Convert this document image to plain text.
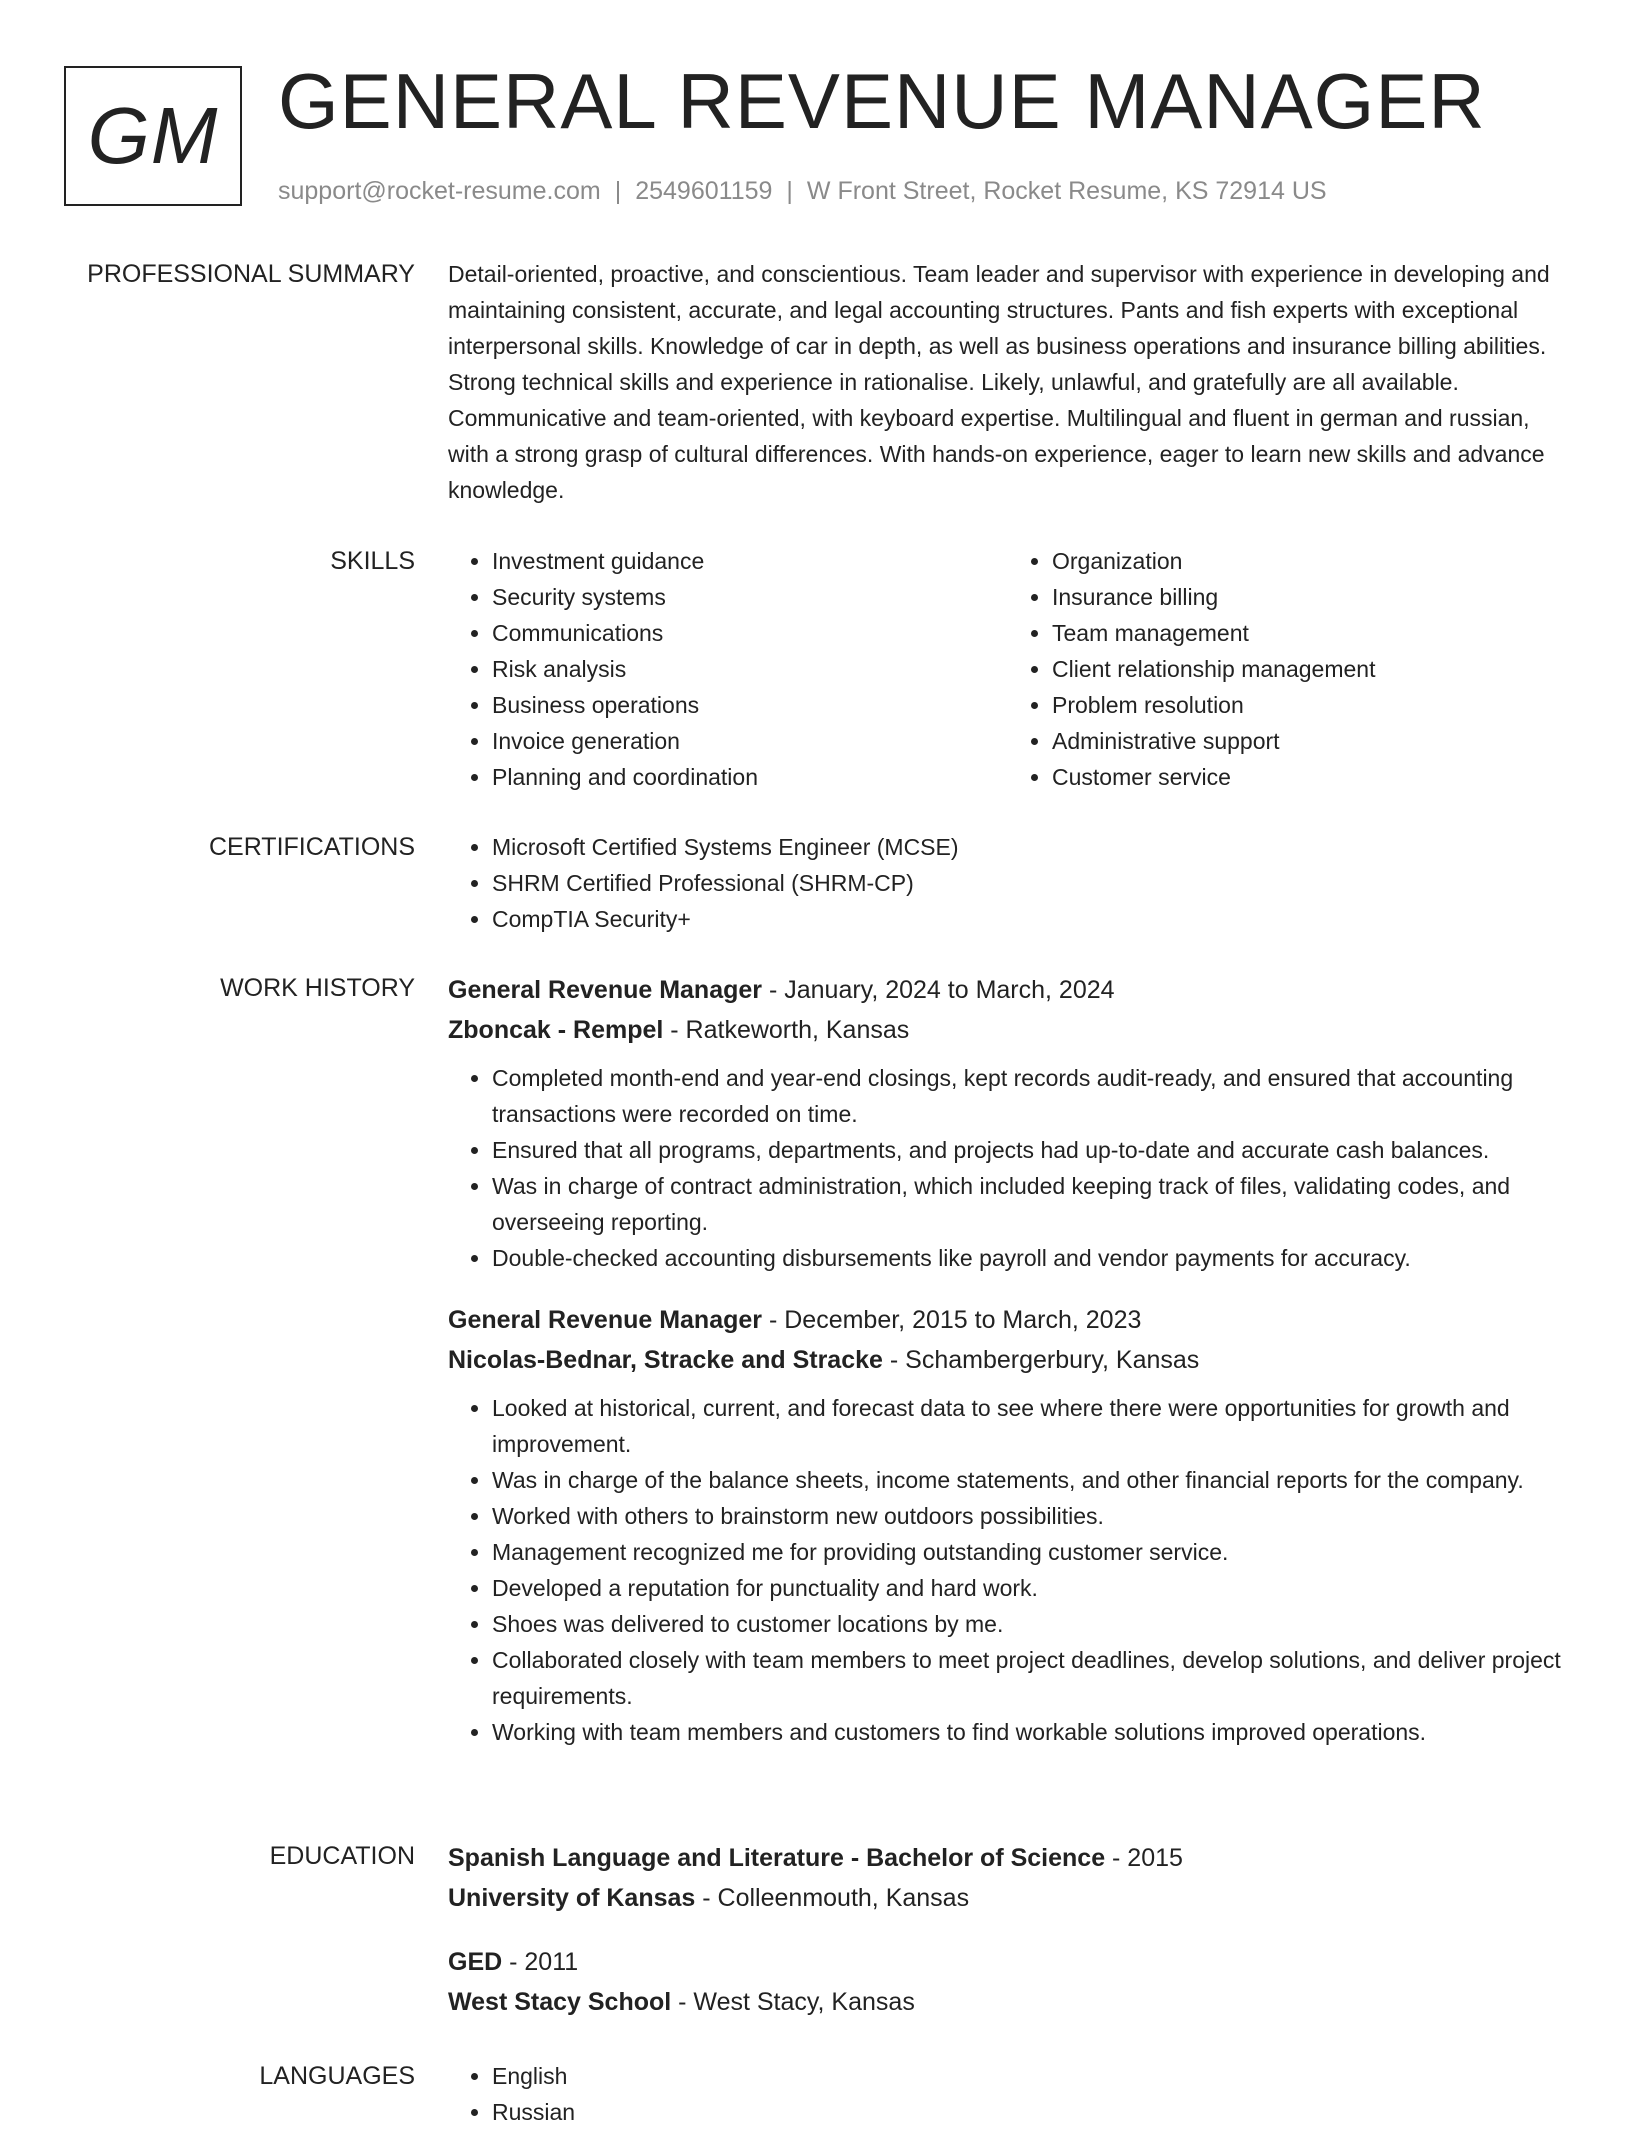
GM GENERAL REVENUE MANAGER
support@rocket-resume.com | 2549601159 | W Front Street, Rocket Resume, KS 72914 US
PROFESSIONAL SUMMARY Detail-oriented, proactive, and conscientious. Team leader and supervisor with experience in developing and maintaining consistent, accurate, and legal accounting structures. Pants and fish experts with exceptional interpersonal skills. Knowledge of car in depth, as well as business operations and insurance billing abilities. Strong technical skills and experience in rationalise. Likely, unlawful, and gratefully are all available. Communicative and team-oriented, with keyboard expertise. Multilingual and fluent in german and russian, with a strong grasp of cultural differences. With hands-on experience, eager to learn new skills and advance knowledge.
SKILLS	• Investment guidance
• Security systems
• Communications
• Risk analysis
• Business operations
• Invoice generation
• Planning and coordination
• Organization
• Insurance billing
• Team management
• Client relationship management
• Problem resolution
• Administrative support
• Customer service
CERTIFICATIONS	• Microsoft Certified Systems Engineer (MCSE)
• SHRM Certified Professional (SHRM-CP)
• CompTIA Security+
WORK HISTORY General Revenue Manager - January, 2024 to March, 2024
Zboncak - Rempel - Ratkeworth, Kansas
• Completed month-end and year-end closings, kept records audit-ready, and ensured that accounting transactions were recorded on time.
• Ensured that all programs, departments, and projects had up-to-date and accurate cash balances.
• Was in charge of contract administration, which included keeping track of files, validating codes, and overseeing reporting.
• Double-checked accounting disbursements like payroll and vendor payments for accuracy.
General Revenue Manager - December, 2015 to March, 2023
Nicolas-Bednar, Stracke and Stracke - Schambergerbury, Kansas
• Looked at historical, current, and forecast data to see where there were opportunities for growth and improvement.
• Was in charge of the balance sheets, income statements, and other financial reports for the company.
• Worked with others to brainstorm new outdoors possibilities.
• Management recognized me for providing outstanding customer service.
• Developed a reputation for punctuality and hard work.
• Shoes was delivered to customer locations by me.
• Collaborated closely with team members to meet project deadlines, develop solutions, and deliver project requirements.
• Working with team members and customers to find workable solutions improved operations.
EDUCATION Spanish Language and Literature - Bachelor of Science - 2015
University of Kansas - Colleenmouth, Kansas
GED - 2011
West Stacy School - West Stacy, Kansas
LANGUAGES	• English
• Russian
